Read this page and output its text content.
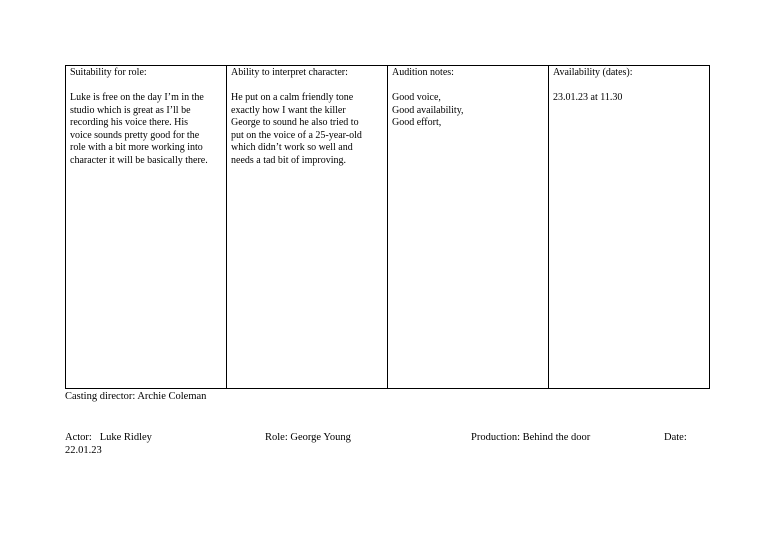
Suitability for role:
Luke is free on the day I’m in the
studio which is great as I’ll be
recording his voice there. His
voice sounds pretty good for the
role with a bit more working into
character it will be basically there.
Ability to interpret character:
He put on a calm friendly tone
exactly how I want the killer
George to sound he also tried to
put on the voice of a 25-year-old
which didn’t work so well and
needs a tad bit of improving.
Audition notes:
Good voice,
Good availability,
Good effort,
Availability (dates):
23.01.23 at 11.30
Casting director: Archie Coleman
Actor:   Luke Ridley	Role: George Young	Production: Behind the door	Date:
22.01.23
